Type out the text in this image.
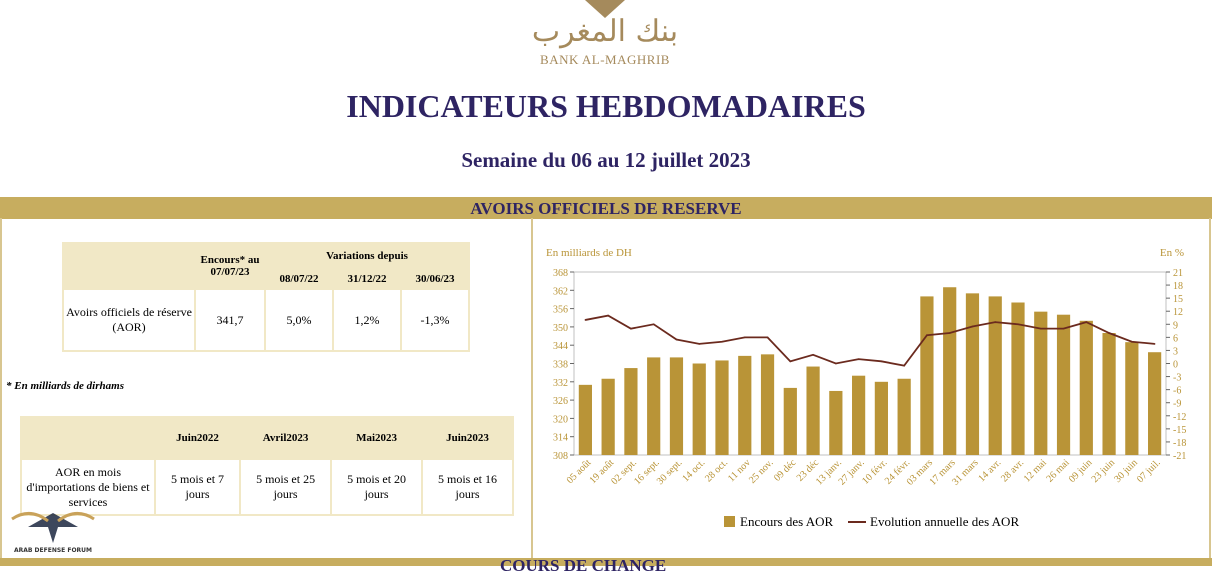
بنك المغرب
BANK AL-MAGHRIB
INDICATEURS HEBDOMADAIRES
Semaine du 06 au 12 juillet 2023
AVOIRS OFFICIELS DE RESERVE

	Encours* au
07/07/23	Variations depuis		
		08/07/22	31/12/22	30/06/23
Avoirs officiels de réserve (AOR)	341,7	5,0%	1,2%	-1,3%
* En milliards de dirhams
	Juin2022	Avril2023	Mai2023	Juin2023
AOR en mois d'importations de biens et services	5 mois et 7 jours	5 mois et 25 jours	5 mois et 20 jours	5 mois et 16 jours
En milliards de DH	En %
368
362
356
350
344
338
332
326
320
314
308
21
18
15
12
9
6
3
0
-3
-6
-9
-12
-15
-18
-21
05 août
19 août
02 sept.
16 sept.
30 sept.
14 oct.
28 oct.
11 nov
25 nov.
09 déc
23 déc
13 janv.
27 janv.
10 févr.
24 févr.
03 mars
17 mars
31 mars
14 avr.
28 avr.
12 mai
26 mai
09 juin
23 juin
30 juin
07 juil.
Encours des AOR	Evolution annuelle des AOR
ARAB DEFENSE FORUM
COURS DE CHANGE
